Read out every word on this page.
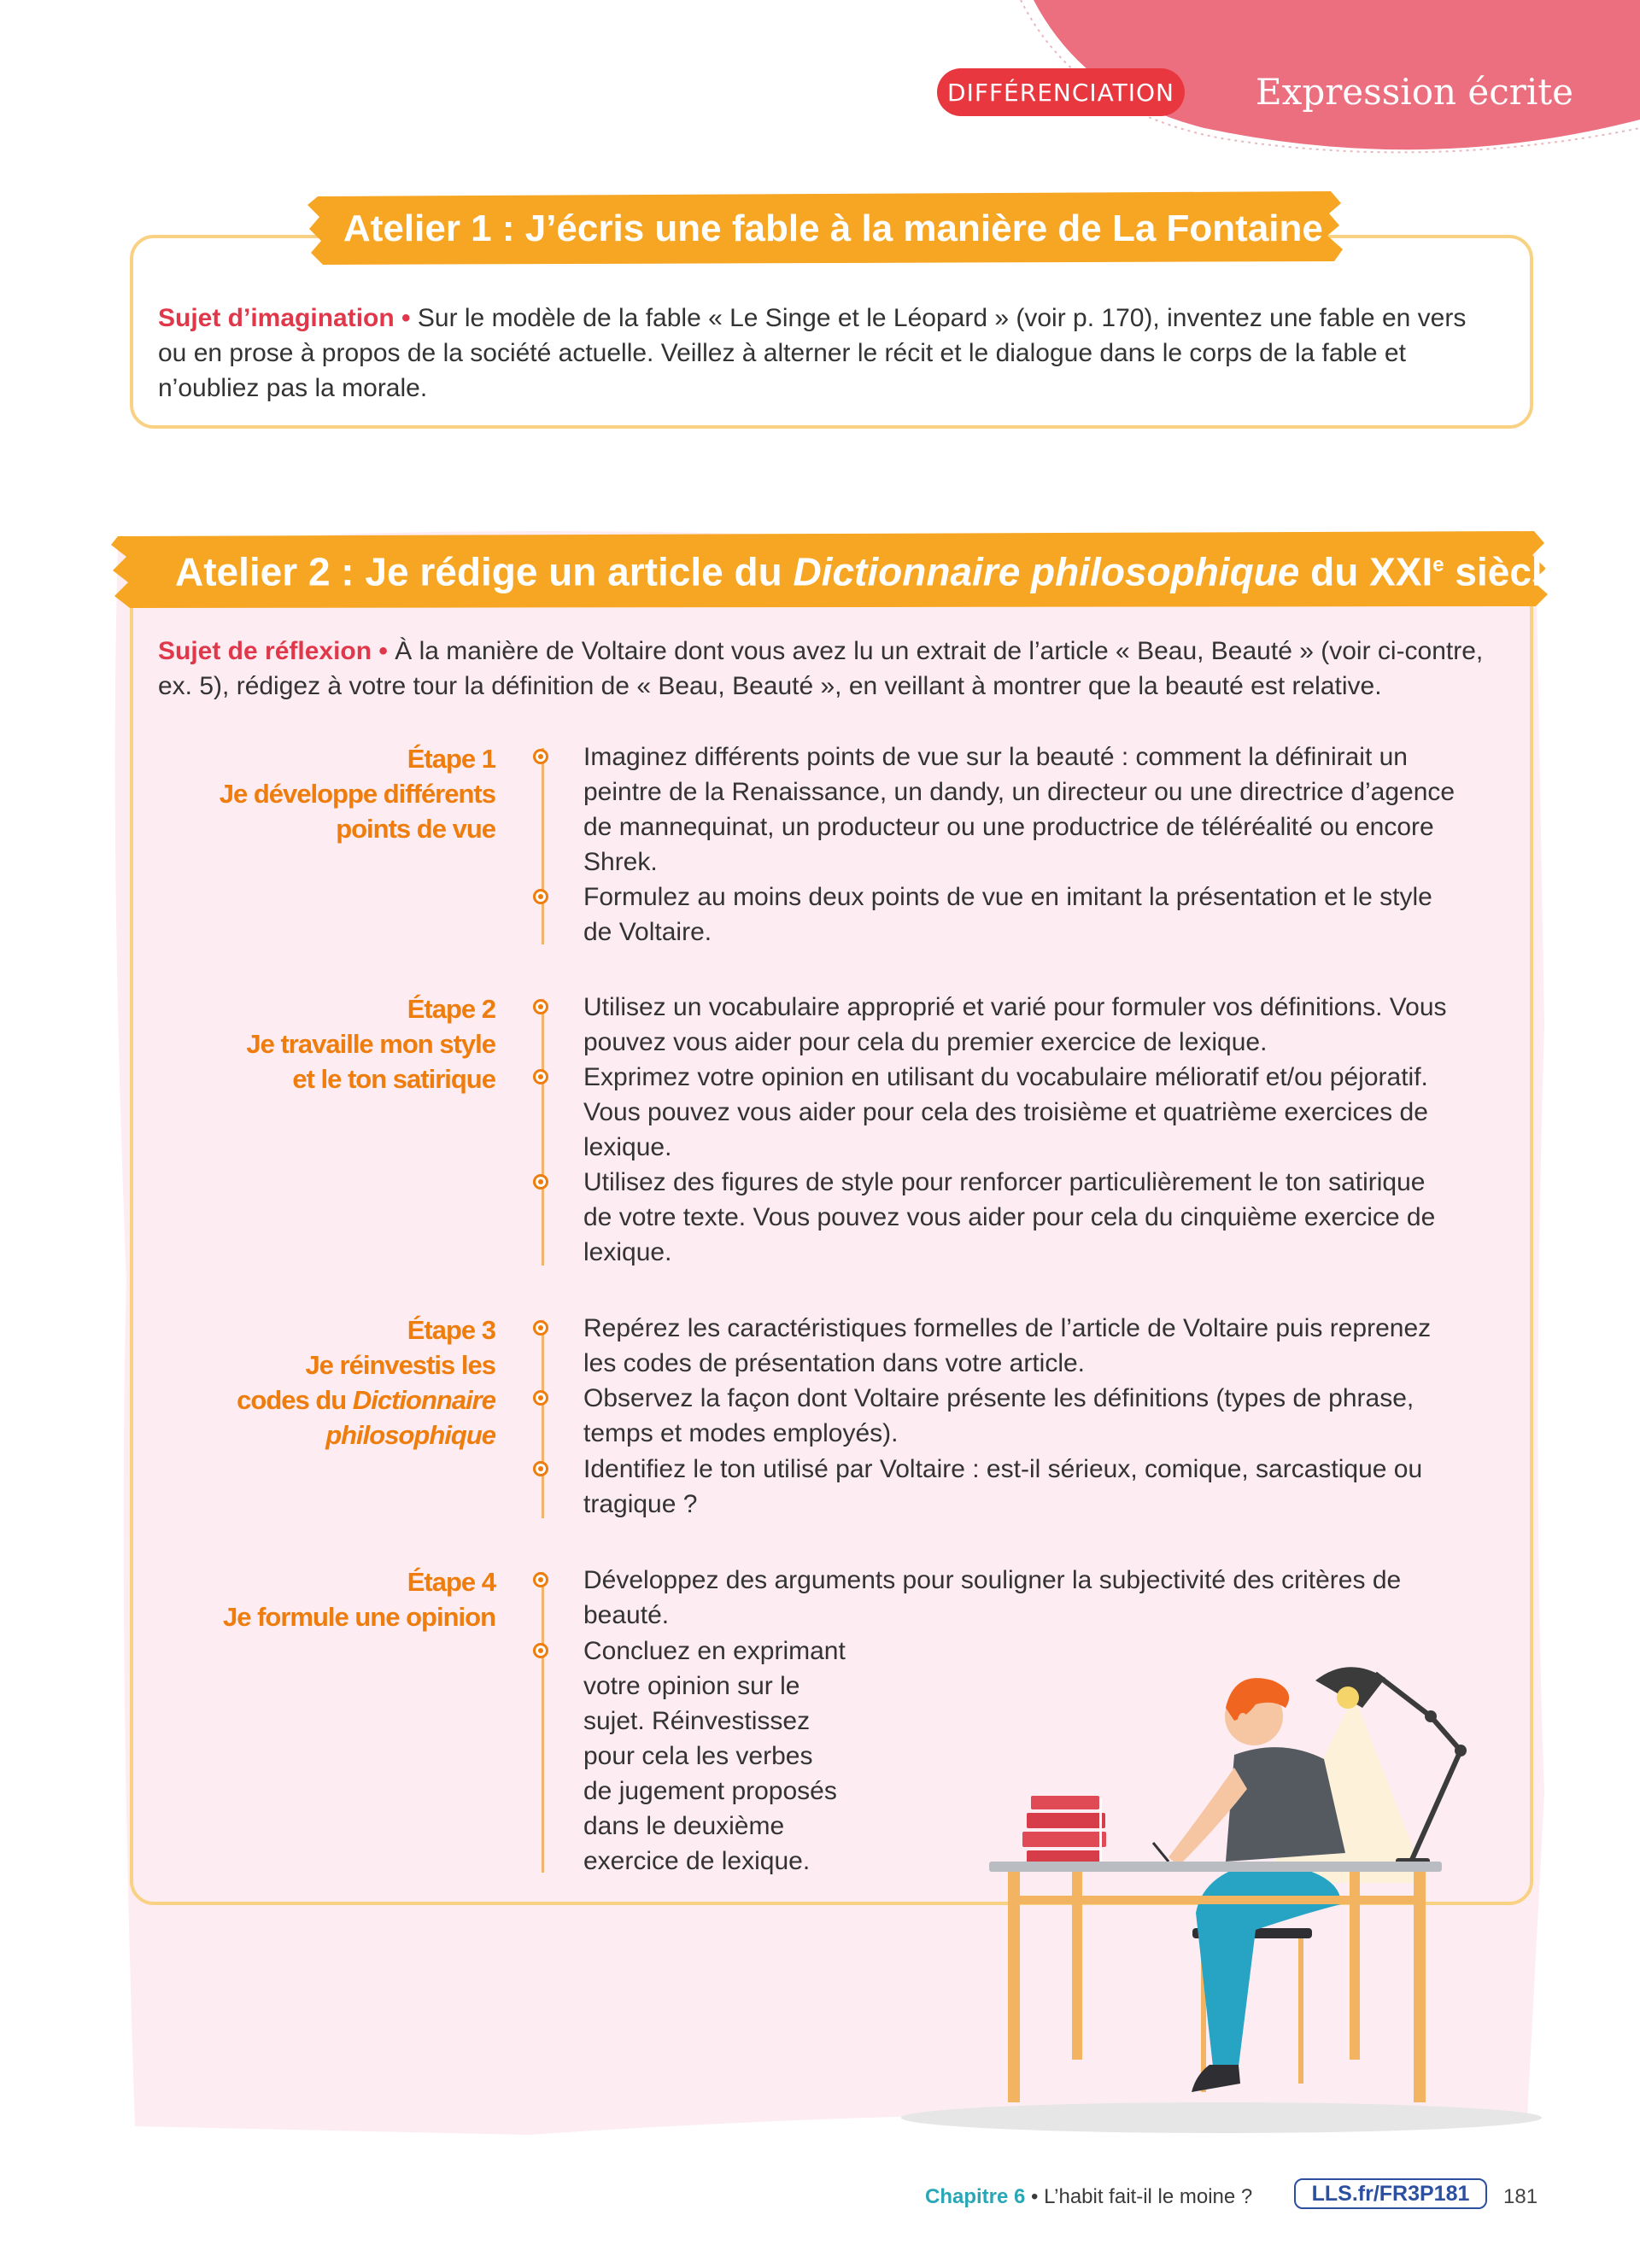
DIFFÉRENCIATION Expression écrite
Atelier 1 : J’écris une fable à la manière de La Fontaine
Sujet d’imagination • Sur le modèle de la fable « Le Singe et le Léopard » (voir p. 170), inventez une fable en vers
ou en prose à propos de la société actuelle. Veillez à alterner le récit et le dialogue dans le corps de la fable et
n’oubliez pas la morale.
Atelier 2 : Je rédige un article du Dictionnaire philosophique du XXIe siècle
Sujet de réflexion • À la manière de Voltaire dont vous avez lu un extrait de l’article « Beau, Beauté » (voir ci-contre,
ex. 5), rédigez à votre tour la définition de « Beau, Beauté », en veillant à montrer que la beauté est relative.
Étape 1
Je développe différents
points de vue
Imaginez différents points de vue sur la beauté : comment la définirait un
peintre de la Renaissance, un dandy, un directeur ou une directrice d’agence
de mannequinat, un producteur ou une productrice de téléréalité ou encore
Shrek.
Formulez au moins deux points de vue en imitant la présentation et le style
de Voltaire.
Étape 2
Je travaille mon style
et le ton satirique
Utilisez un vocabulaire approprié et varié pour formuler vos définitions. Vous
pouvez vous aider pour cela du premier exercice de lexique.
Exprimez votre opinion en utilisant du vocabulaire mélioratif et/ou péjoratif.
Vous pouvez vous aider pour cela des troisième et quatrième exercices de
lexique.
Utilisez des figures de style pour renforcer particulièrement le ton satirique
de votre texte. Vous pouvez vous aider pour cela du cinquième exercice de
lexique.
Étape 3
Je réinvestis les
codes du Dictionnaire
philosophique
Repérez les caractéristiques formelles de l’article de Voltaire puis reprenez
les codes de présentation dans votre article.
Observez la façon dont Voltaire présente les définitions (types de phrase,
temps et modes employés).
Identifiez le ton utilisé par Voltaire : est-il sérieux, comique, sarcastique ou
tragique ?
Étape 4
Je formule une opinion
Développez des arguments pour souligner la subjectivité des critères de
beauté.
Concluez en exprimant
votre opinion sur le
sujet. Réinvestissez
pour cela les verbes
de jugement proposés
dans le deuxième
exercice de lexique.
Chapitre 6 • L’habit fait-il le moine ?	LLS.fr/FR3P181	181
